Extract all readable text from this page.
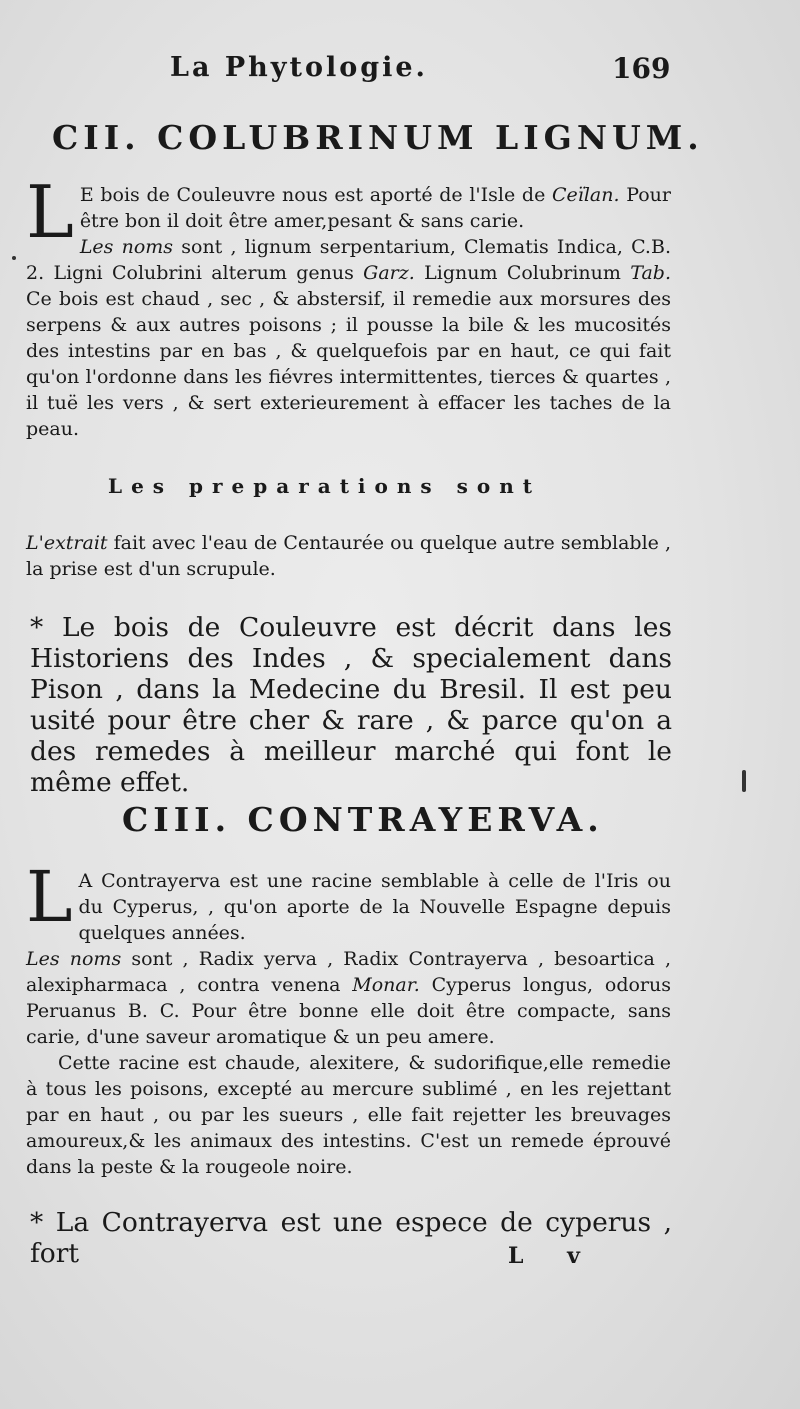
La Phytologie.	169
CII. COLUBRINUM LIGNUM.
L E bois de Couleuvre nous est aporté de l'Isle de Ceïlan. Pour être bon il doit être amer,pesant & sans carie.
Les noms sont , lignum serpentarium, Clematis Indica, C.B. 2. Ligni Colubrini alterum genus Garz. Lignum Colubrinum Tab. Ce bois est chaud , sec , & abstersif, il remedie aux morsures des serpens & aux autres poisons ; il pousse la bile & les mucosités des intestins par en bas , & quelquefois par en haut, ce qui fait qu'on l'ordonne dans les fiévres intermittentes, tierces & quartes , il tuë les vers , & sert exterieurement à effacer les taches de la peau.
Les preparations sont
L'extrait fait avec l'eau de Centaurée ou quelque autre semblable , la prise est d'un scrupule.
* Le bois de Couleuvre est décrit dans les Historiens des Indes , & specialement dans Pison , dans la Medecine du Bresil. Il est peu usité pour être cher & rare , & parce qu'on a des remedes à meilleur marché qui font le même effet.
CIII. CONTRAYERVA.
L A Contrayerva est une racine semblable à celle de l'Iris ou du Cyperus, , qu'on aporte de la Nouvelle Espagne depuis quelques années.
Les noms sont , Radix yerva , Radix Contrayerva , besoartica , alexipharmaca , contra venena Monar. Cyperus longus, odorus Peruanus B. C. Pour être bonne elle doit être compacte, sans carie, d'une saveur aromatique & un peu amere.
Cette racine est chaude, alexitere, & sudorifique,elle remedie à tous les poisons, excepté au mercure sublimé , en les rejettant par en haut , ou par les sueurs , elle fait rejetter les breuvages amoureux,& les animaux des intestins. C'est un remede éprouvé dans la peste & la rougeole noire.
* La Contrayerva est une espece de cyperus , fort	L v
